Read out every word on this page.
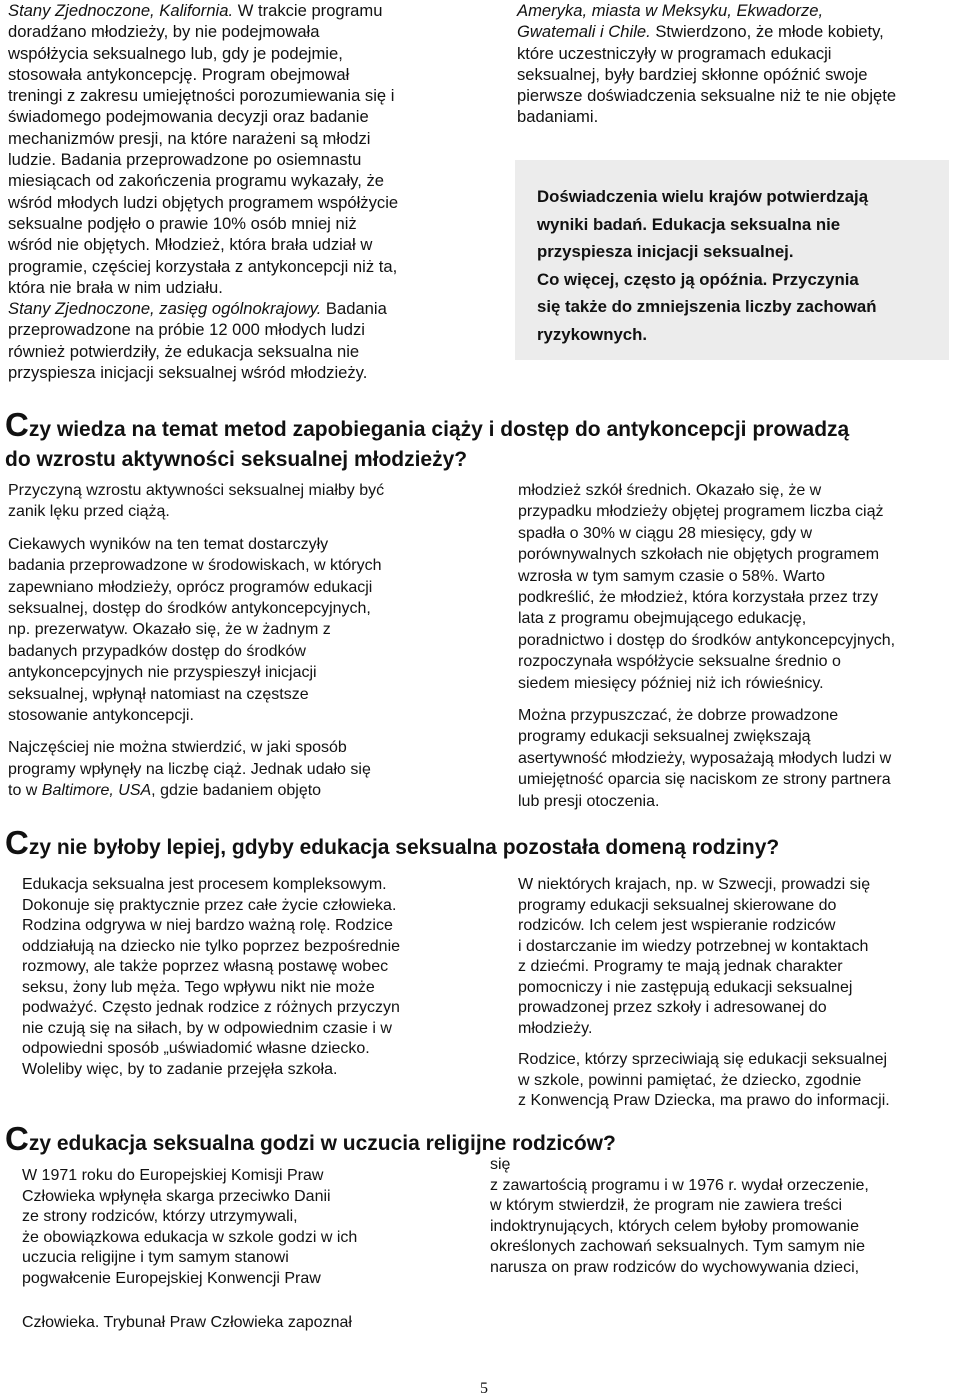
Stany Zjednoczone, Kalifornia. W trakcie programu
doradźano młodzieży, by nie podejmowała
współżycia seksualnego lub, gdy je podejmie,
stosowała antykoncepcję. Program obejmował
treningi z zakresu umiejętności porozumiewania się i
świadomego podejmowania decyzji oraz badanie
mechanizmów presji, na które narażeni są młodzi
ludzie. Badania przeprowadzone po osiemnastu
miesiącach od zakończenia programu wykazały, że
wśród młodych ludzi objętych programem współżycie
seksualne podjęło o prawie 10% osób mniej niż
wśród nie objętych. Młodzież, która brała udział w
programie, częściej korzystała z antykoncepcji niż ta,
która nie brała w nim udziału.
Stany Zjednoczone, zasięg ogólnokrajowy. Badania
przeprowadzone na próbie 12 000 młodych ludzi
również potwierdziły, że edukacja seksualna nie
przyspiesza inicjacji seksualnej wśród młodzieży.
Ameryka, miasta w Meksyku, Ekwadorze,
Gwatemali i Chile. Stwierdzono, że młode kobiety,
które uczestniczyły w programach edukacji
seksualnej, były bardziej skłonne opóźnić swoje
pierwsze doświadczenia seksualne niż te nie objęte
badaniami.
Doświadczenia wielu krajów potwierdzają
wyniki badań. Edukacja seksualna nie
przyspiesza inicjacji seksualnej.
Co więcej, często ją opóźnia. Przyczynia
się także do zmniejszenia liczby zachowań
ryzykownych.
Czy wiedza na temat metod zapobiegania ciąży i dostęp do antykoncepcji prowadzą
do wzrostu aktywności seksualnej młodzieży?

Przyczyną wzrostu aktywności seksualnej miałby być
zanik lęku przed ciążą.

Ciekawych wyników na ten temat dostarczyły
badania przeprowadzone w środowiskach, w których
zapewniano młodzieży, oprócz programów edukacji
seksualnej, dostęp do środków antykoncepcyjnych,
np. prezerwatyw. Okazało się, że w żadnym z
badanych przypadków dostęp do środków
antykoncepcyjnych nie przyspieszył inicjacji
seksualnej, wpłynął natomiast na częstsze
stosowanie antykoncepcji.

Najczęściej nie można stwierdzić, w jaki sposób
programy wpłynęły na liczbę ciąż. Jednak udało się
to w Baltimore, USA, gdzie badaniem objęto

młodzież szkół średnich. Okazało się, że w
przypadku młodzieży objętej programem liczba ciąż
spadła o 30% w ciągu 28 miesięcy, gdy w
porównywalnych szkołach nie objętych programem
wzrosła w tym samym czasie o 58%. Warto
podkreślić, że młodzież, która korzystała przez trzy
lata z programu obejmującego edukację,
poradnictwo i dostęp do środków antykoncepcyjnych,
rozpoczynała współżycie seksualne średnio o
siedem miesięcy później niż ich rówieśnicy.

Można przypuszczać, że dobrze prowadzone
programy edukacji seksualnej zwiększają
asertywność młodzieży, wyposażają młodych ludzi w
umiejętność oparcia się naciskom ze strony partnera
lub presji otoczenia.

Czy nie byłoby lepiej, gdyby edukacja seksualna pozostała domeną rodziny?

Edukacja seksualna jest procesem kompleksowym.
Dokonuje się praktycznie przez całe życie człowieka.
Rodzina odgrywa w niej bardzo ważną rolę. Rodzice
oddziałują na dziecko nie tylko poprzez bezpośrednie
rozmowy, ale także poprzez własną postawę wobec
seksu, żony lub męża. Tego wpływu nikt nie może
podważyć. Często jednak rodzice z różnych przyczyn
nie czują się na siłach, by w odpowiednim czasie i w
odpowiedni sposób „uświadomić własne dziecko.
Woleliby więc, by to zadanie przejęła szkoła.

W niektórych krajach, np. w Szwecji, prowadzi się
programy edukacji seksualnej skierowane do
rodziców. Ich celem jest wspieranie rodziców
i dostarczanie im wiedzy potrzebnej w kontaktach
z dziećmi. Programy te mają jednak charakter
pomocniczy i nie zastępują edukacji seksualnej
prowadzonej przez szkoły i adresowanej do
młodzieży.

Rodzice, którzy sprzeciwiają się edukacji seksualnej
w szkole, powinni pamiętać, że dziecko, zgodnie
z Konwencją Praw Dziecka, ma prawo do informacji.

Czy edukacja seksualna godzi w uczucia religijne rodziców?

W 1971 roku do Europejskiej Komisji Praw
Człowieka wpłynęła skarga przeciwko Danii
ze strony rodziców, którzy utrzymywali,
że obowiązkowa edukacja w szkole godzi w ich
uczucia religijne i tym samym stanowi
pogwałcenie Europejskiej Konwencji Praw

Człowieka. Trybunał Praw Człowieka zapoznał

się
z zawartością programu i w 1976 r. wydał orzeczenie,
w którym stwierdził, że program nie zawiera treści
indoktrynujących, których celem byłoby promowanie
określonych zachowań seksualnych. Tym samym nie
narusza on praw rodziców do wychowywania dzieci,

5
